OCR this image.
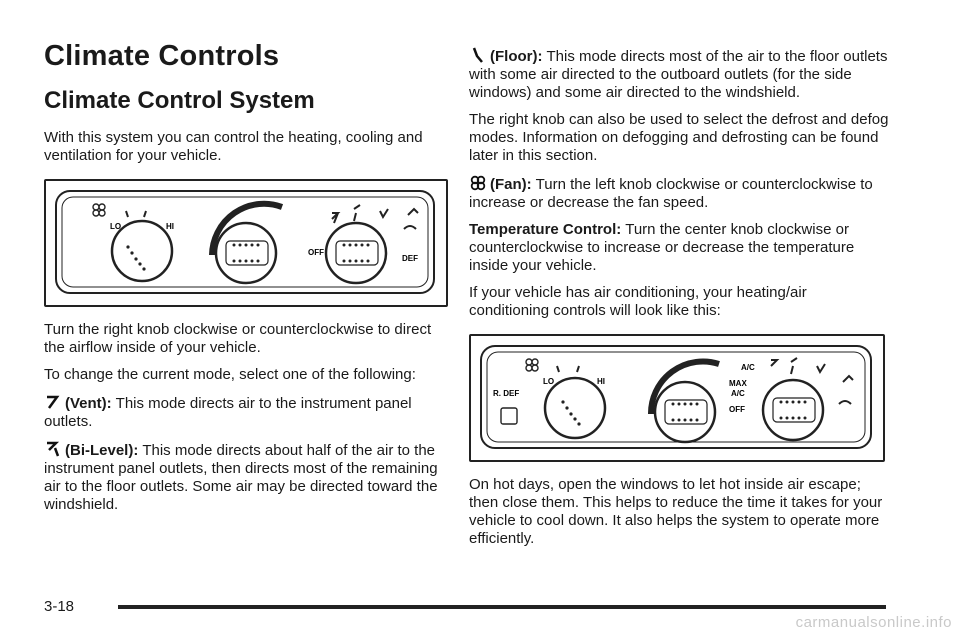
Climate Controls
Climate Control System

With this system you can control the heating, cooling and ventilation for your vehicle.

LO	HI
OFF
DEF

Turn the right knob clockwise or counterclockwise to direct the airflow inside of your vehicle.

To change the current mode, select one of the following:

(Vent): This mode directs air to the instrument panel outlets.

(Bi-Level): This mode directs about half of the air to the instrument panel outlets, then directs most of the remaining air to the floor outlets. Some air may be directed toward the windshield.

(Floor): This mode directs most of the air to the floor outlets with some air directed to the outboard outlets (for the side windows) and some air directed to the windshield.

The right knob can also be used to select the defrost and defog modes. Information on defogging and defrosting can be found later in this section.

(Fan): Turn the left knob clockwise or counterclockwise to increase or decrease the fan speed.

Temperature Control: Turn the center knob clockwise or counterclockwise to increase or decrease the temperature inside your vehicle.

If your vehicle has air conditioning, your heating/air conditioning controls will look like this:

R. DEF
LO	HI
A/C
MAX
A/C
OFF

On hot days, open the windows to let hot inside air escape; then close them. This helps to reduce the time it takes for your vehicle to cool down. It also helps the system to operate more efficiently.

3-18
carmanualsonline.info
